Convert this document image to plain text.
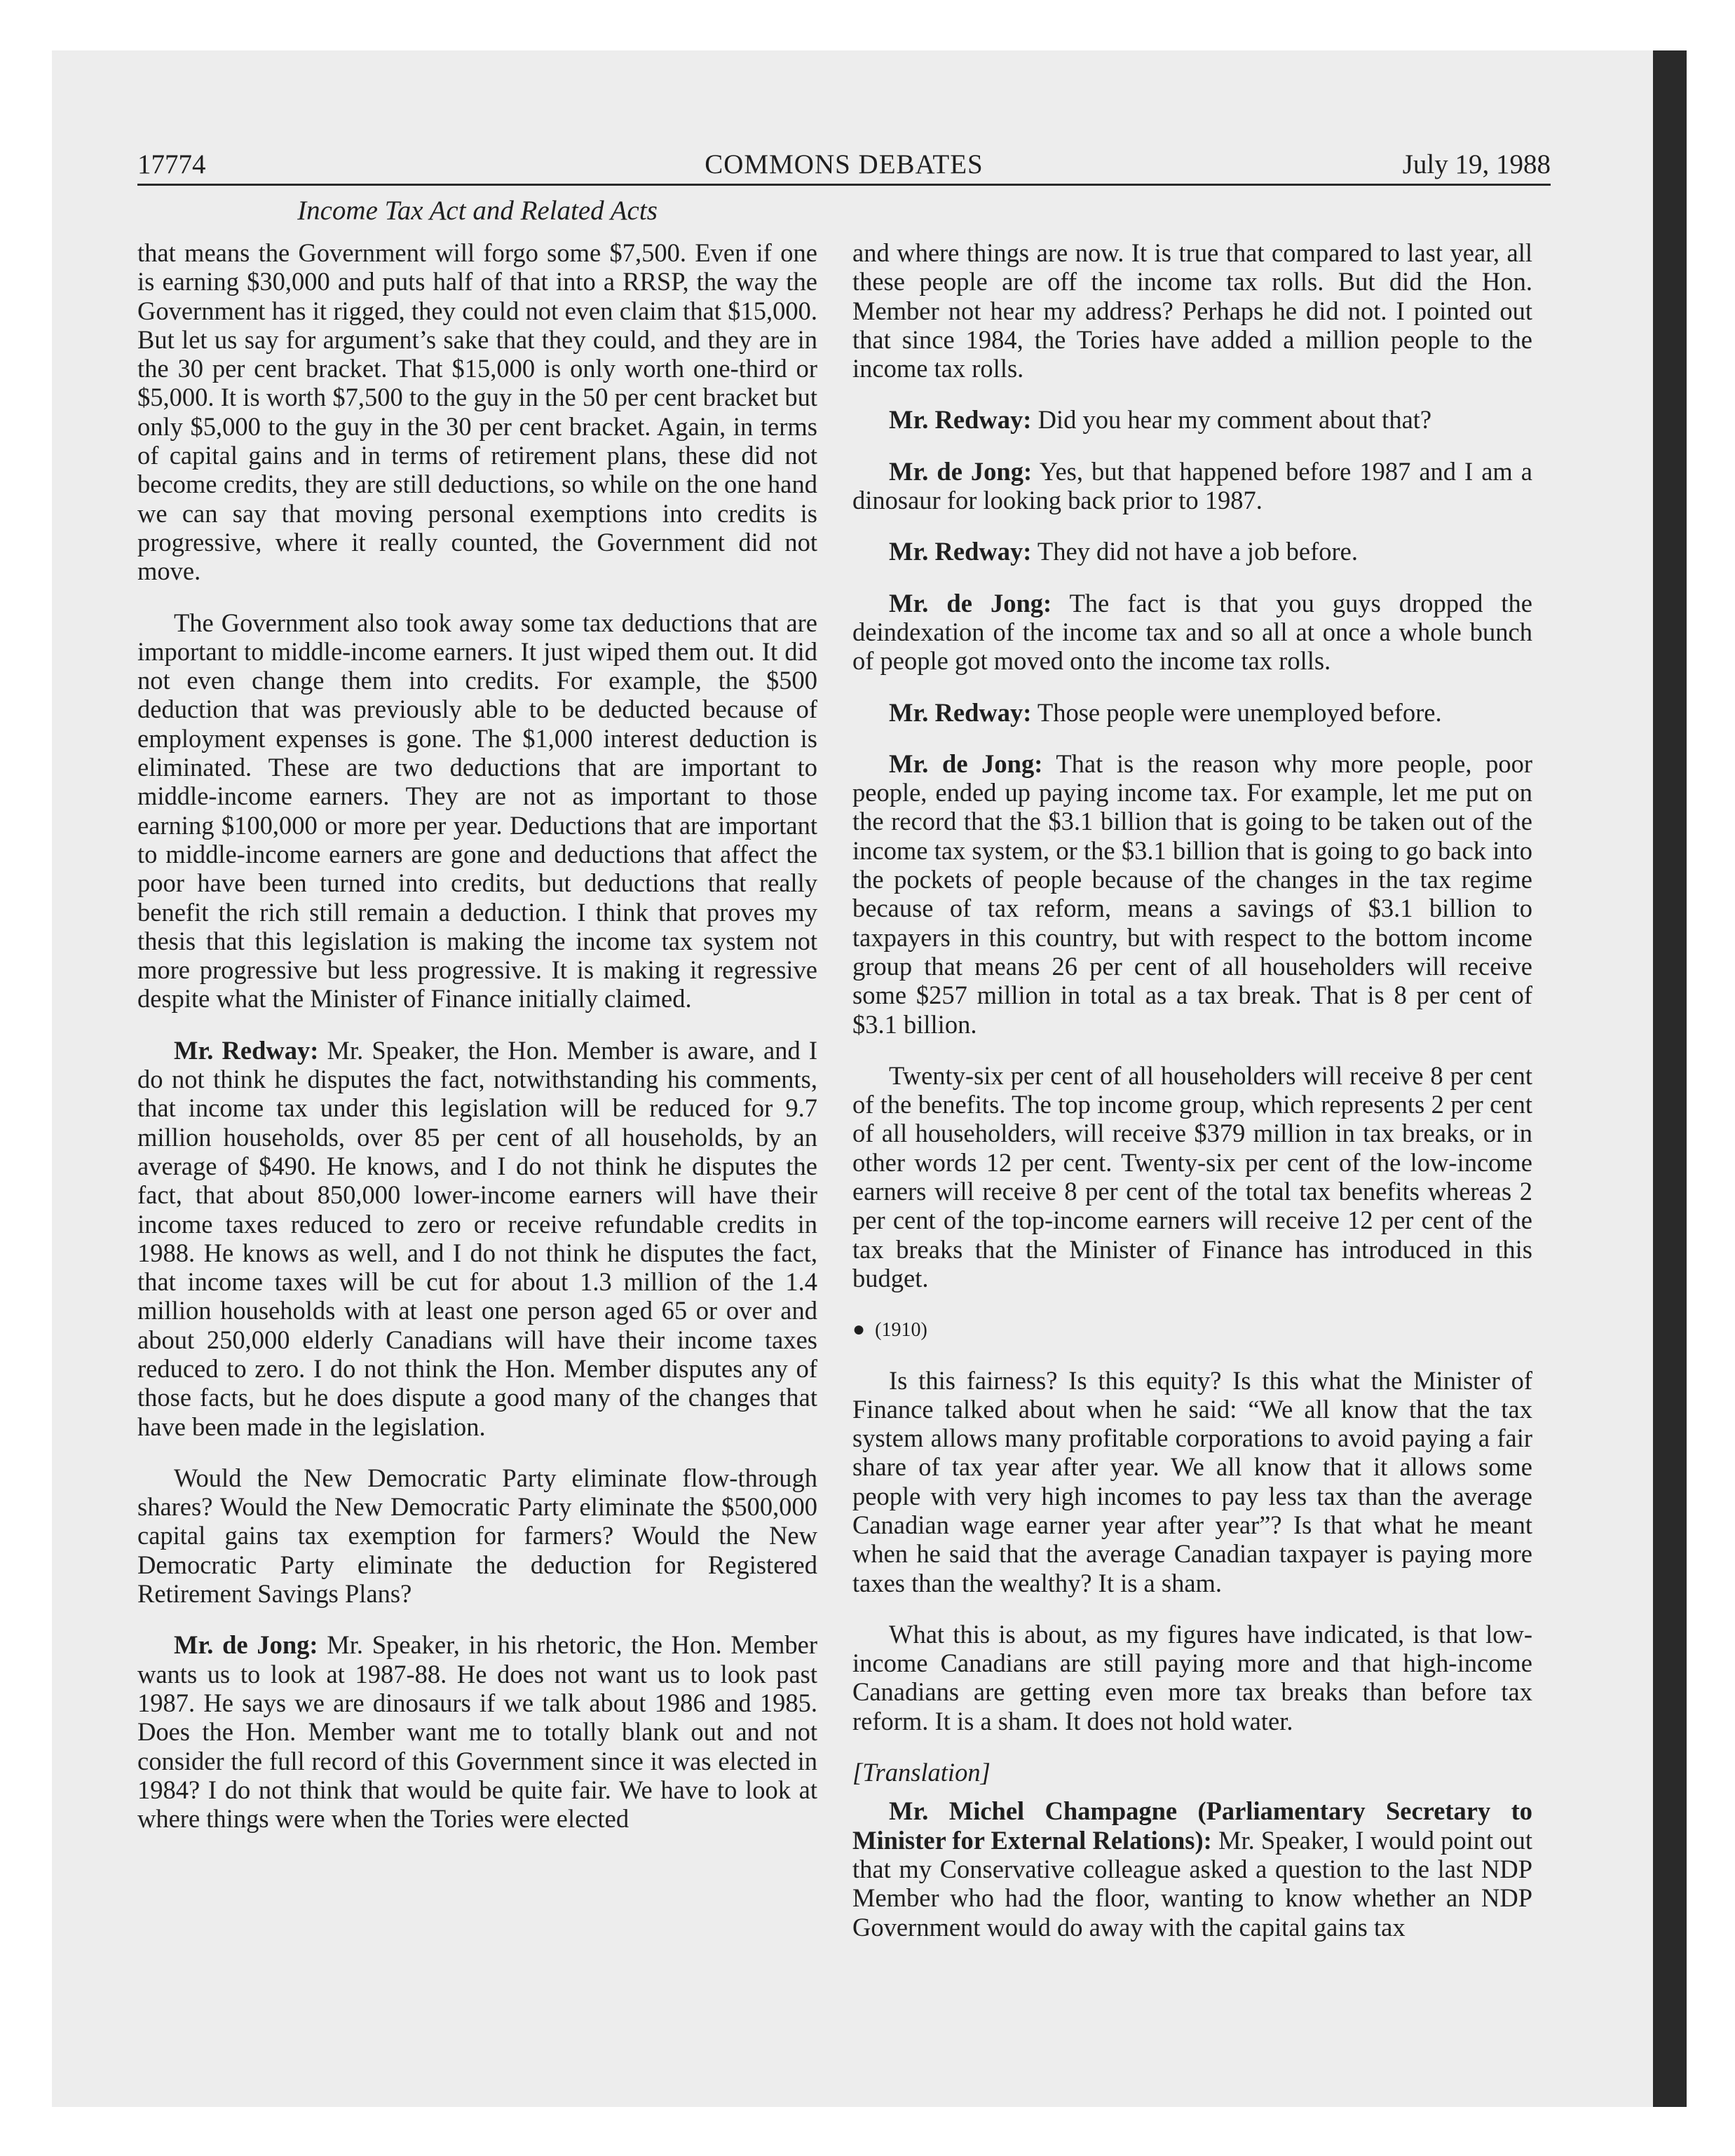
17774	COMMONS DEBATES	July 19, 1988
Income Tax Act and Related Acts

that means the Government will forgo some $7,500. Even if one is earning $30,000 and puts half of that into a RRSP, the way the Government has it rigged, they could not even claim that $15,000. But let us say for argument’s sake that they could, and they are in the 30 per cent bracket. That $15,000 is only worth one-third or $5,000. It is worth $7,500 to the guy in the 50 per cent bracket but only $5,000 to the guy in the 30 per cent bracket. Again, in terms of capital gains and in terms of retirement plans, these did not become credits, they are still deductions, so while on the one hand we can say that moving personal exemptions into credits is progressive, where it really counted, the Government did not move.

The Government also took away some tax deductions that are important to middle-income earners. It just wiped them out. It did not even change them into credits. For example, the $500 deduction that was previously able to be deducted because of employment expenses is gone. The $1,000 interest deduction is eliminated. These are two deductions that are important to middle-income earners. They are not as important to those earning $100,000 or more per year. Deductions that are important to middle-income earners are gone and deductions that affect the poor have been turned into credits, but deductions that really benefit the rich still remain a deduction. I think that proves my thesis that this legislation is making the income tax system not more progressive but less progressive. It is making it regressive despite what the Minister of Finance initially claimed.

Mr. Redway: Mr. Speaker, the Hon. Member is aware, and I do not think he disputes the fact, notwithstanding his comments, that income tax under this legislation will be reduced for 9.7 million households, over 85 per cent of all households, by an average of $490. He knows, and I do not think he disputes the fact, that about 850,000 lower-income earners will have their income taxes reduced to zero or receive refundable credits in 1988. He knows as well, and I do not think he disputes the fact, that income taxes will be cut for about 1.3 million of the 1.4 million households with at least one person aged 65 or over and about 250,000 elderly Canadians will have their income taxes reduced to zero. I do not think the Hon. Member disputes any of those facts, but he does dispute a good many of the changes that have been made in the legislation.

Would the New Democratic Party eliminate flow-through shares? Would the New Democratic Party eliminate the $500,000 capital gains tax exemption for farmers? Would the New Democratic Party eliminate the deduction for Registered Retirement Savings Plans?

Mr. de Jong: Mr. Speaker, in his rhetoric, the Hon. Member wants us to look at 1987-88. He does not want us to look past 1987. He says we are dinosaurs if we talk about 1986 and 1985. Does the Hon. Member want me to totally blank out and not consider the full record of this Government since it was elected in 1984? I do not think that would be quite fair. We have to look at where things were when the Tories were elected

and where things are now. It is true that compared to last year, all these people are off the income tax rolls. But did the Hon. Member not hear my address? Perhaps he did not. I pointed out that since 1984, the Tories have added a million people to the income tax rolls.

Mr. Redway: Did you hear my comment about that?

Mr. de Jong: Yes, but that happened before 1987 and I am a dinosaur for looking back prior to 1987.

Mr. Redway: They did not have a job before.

Mr. de Jong: The fact is that you guys dropped the deindexation of the income tax and so all at once a whole bunch of people got moved onto the income tax rolls.

Mr. Redway: Those people were unemployed before.

Mr. de Jong: That is the reason why more people, poor people, ended up paying income tax. For example, let me put on the record that the $3.1 billion that is going to be taken out of the income tax system, or the $3.1 billion that is going to go back into the pockets of people because of the changes in the tax regime because of tax reform, means a savings of $3.1 billion to taxpayers in this country, but with respect to the bottom income group that means 26 per cent of all householders will receive some $257 million in total as a tax break. That is 8 per cent of $3.1 billion.

Twenty-six per cent of all householders will receive 8 per cent of the benefits. The top income group, which represents 2 per cent of all householders, will receive $379 million in tax breaks, or in other words 12 per cent. Twenty-six per cent of the low-income earners will receive 8 per cent of the total tax benefits whereas 2 per cent of the top-income earners will receive 12 per cent of the tax breaks that the Minister of Finance has introduced in this budget.

● (1910)

Is this fairness? Is this equity? Is this what the Minister of Finance talked about when he said: “We all know that the tax system allows many profitable corporations to avoid paying a fair share of tax year after year. We all know that it allows some people with very high incomes to pay less tax than the average Canadian wage earner year after year”? Is that what he meant when he said that the average Canadian taxpayer is paying more taxes than the wealthy? It is a sham.

What this is about, as my figures have indicated, is that low-income Canadians are still paying more and that high-income Canadians are getting even more tax breaks than before tax reform. It is a sham. It does not hold water.

[Translation]

Mr. Michel Champagne (Parliamentary Secretary to Minister for External Relations): Mr. Speaker, I would point out that my Conservative colleague asked a question to the last NDP Member who had the floor, wanting to know whether an NDP Government would do away with the capital gains tax
